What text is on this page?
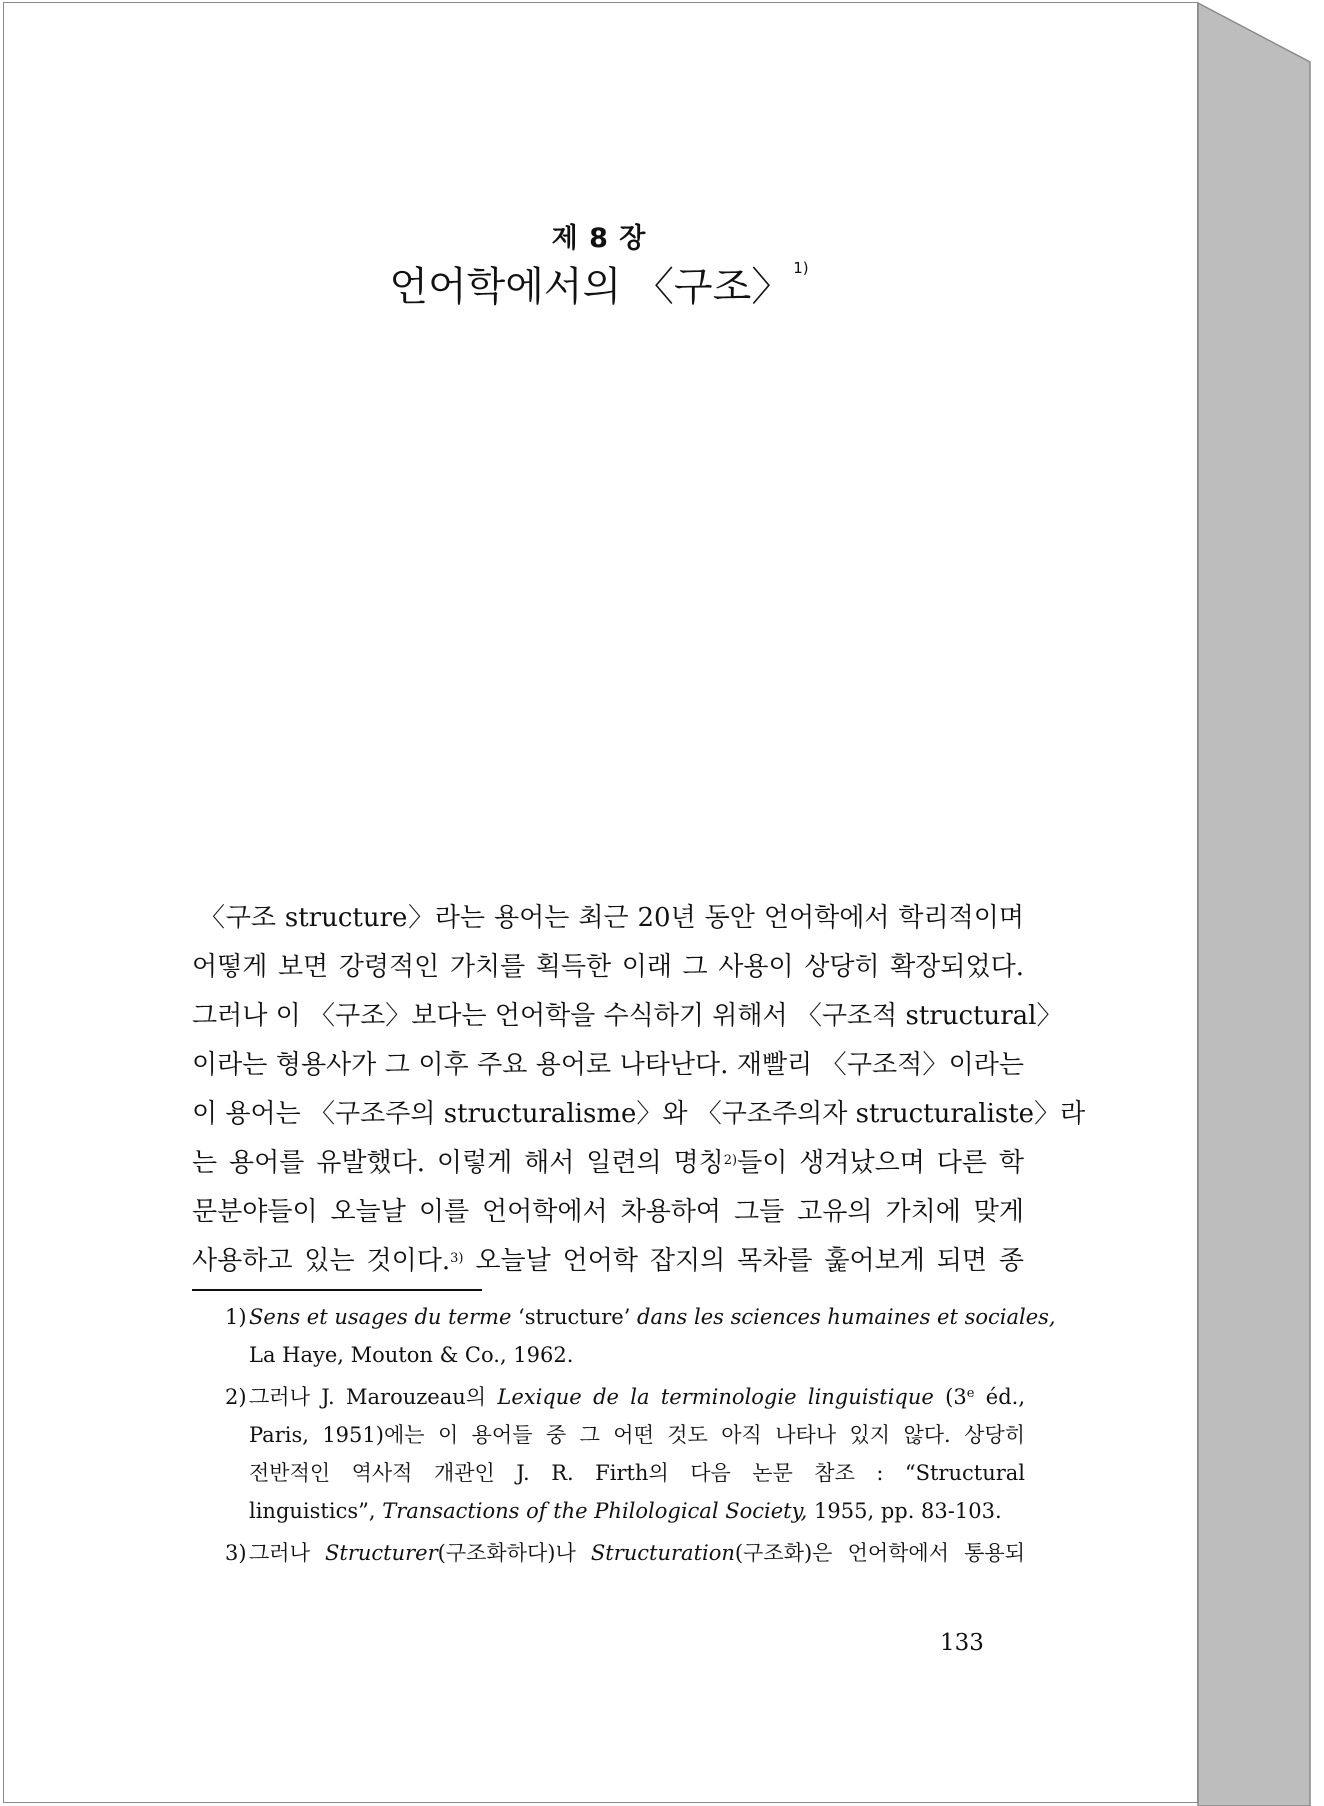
제 8 장
언어학에서의 〈구조〉 $^{1)}$
〈구조 structure〉라는 용어는 최근 20년 동안 언어학에서 학리적이며
어떻게 보면 강령적인 가치를 획득한 이래 그 사용이 상당히 확장되었다.
그러나 이 〈구조〉보다는 언어학을 수식하기 위해서 〈구조적 structural〉
이라는 형용사가 그 이후 주요 용어로 나타난다. 재빨리 〈구조적〉이라는
이 용어는 〈구조주의 structuralisme〉와 〈구조주의자 structuraliste〉라
는 용어를 유발했다. 이렇게 해서 일련의 명칭$^{2)}$들이 생겨났으며 다른 학
문분야들이 오늘날 이를 언어학에서 차용하여 그들 고유의 가치에 맞게
사용하고 있는 것이다.$^{3)}$ 오늘날 언어학 잡지의 목차를 훑어보게 되면 종
1) Sens et usages du terme ‘structure’ dans les sciences humaines et sociales,
La Haye, Mouton & Co., 1962.
2) 그러나 J. Marouzeau의 Lexique de la terminologie linguistique (3e éd.,
Paris, 1951)에는 이 용어들 중 그 어떤 것도 아직 나타나 있지 않다. 상당히
전반적인 역사적 개관인 J. R. Firth의 다음 논문 참조 : “Structural
linguistics”, Transactions of the Philological Society, 1955, pp. 83-103.
3) 그러나 Structurer(구조화하다)나 Structuration(구조화)은 언어학에서 통용되
133
